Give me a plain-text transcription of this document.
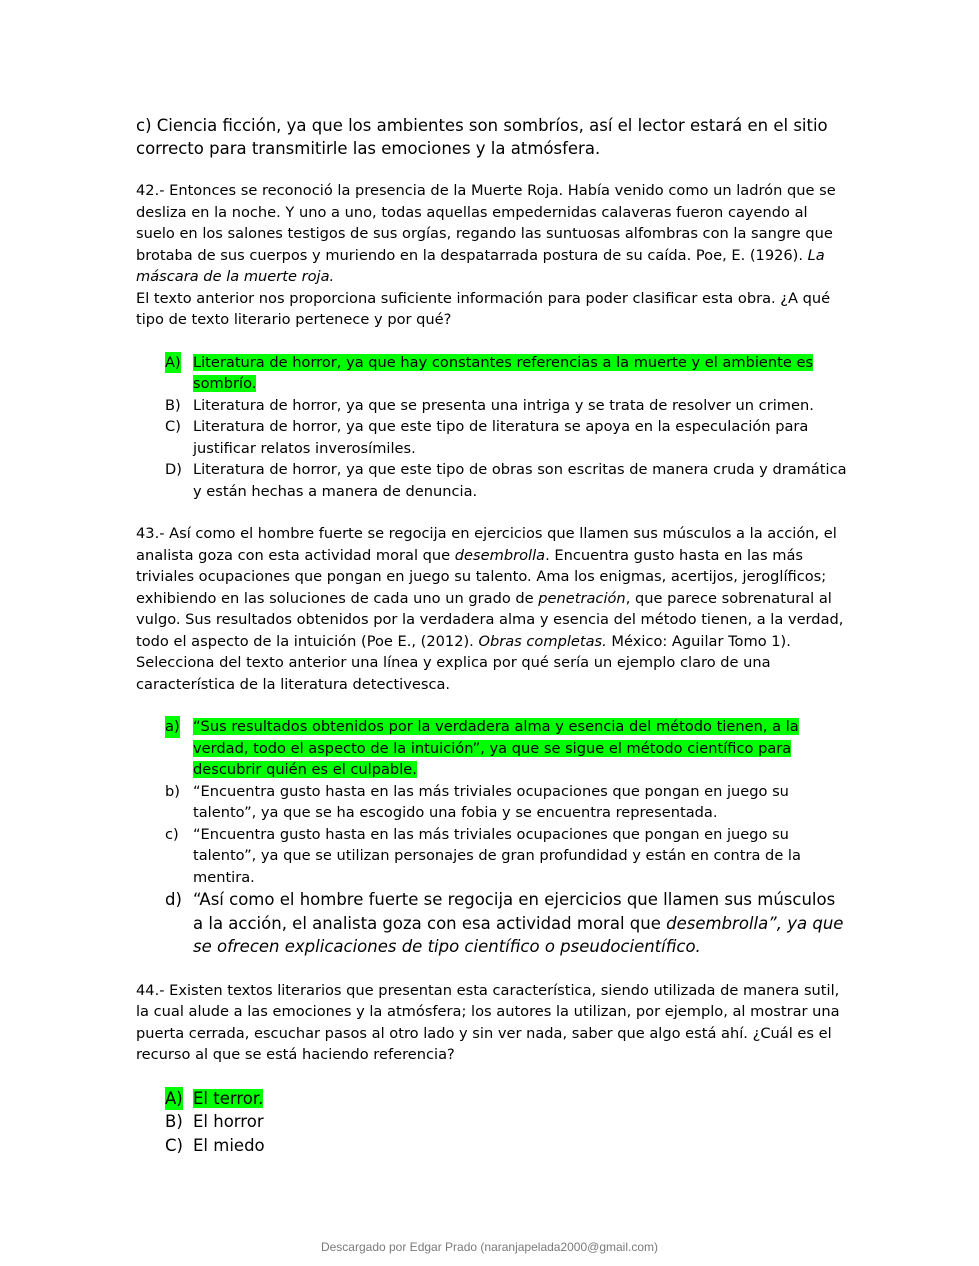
c) Ciencia ficción, ya que los ambientes son sombríos, así el lector estará en el sitio correcto para transmitirle las emociones y la atmósfera.
42.- Entonces se reconoció la presencia de la Muerte Roja. Había venido como un ladrón que se desliza en la noche. Y uno a uno, todas aquellas empedernidas calaveras fueron cayendo al suelo en los salones testigos de sus orgías, regando las suntuosas alfombras con la sangre que brotaba de sus cuerpos y muriendo en la despatarrada postura de su caída. Poe, E. (1926). La máscara de la muerte roja.
El texto anterior nos proporciona suficiente información para poder clasificar esta obra. ¿A qué tipo de texto literario pertenece y por qué?
A) Literatura de horror, ya que hay constantes referencias a la muerte y el ambiente es sombrío.
B) Literatura de horror, ya que se presenta una intriga y se trata de resolver un crimen.
C) Literatura de horror, ya que este tipo de literatura se apoya en la especulación para justificar relatos inverosímiles.
D) Literatura de horror, ya que este tipo de obras son escritas de manera cruda y dramática y están hechas a manera de denuncia.
43.- Así como el hombre fuerte se regocija en ejercicios que llamen sus músculos a la acción, el analista goza con esta actividad moral que desembrolla. Encuentra gusto hasta en las más triviales ocupaciones que pongan en juego su talento. Ama los enigmas, acertijos, jeroglíficos; exhibiendo en las soluciones de cada uno un grado de penetración, que parece sobrenatural al vulgo. Sus resultados obtenidos por la verdadera alma y esencia del método tienen, a la verdad, todo el aspecto de la intuición (Poe E., (2012). Obras completas. México: Aguilar Tomo 1).
Selecciona del texto anterior una línea y explica por qué sería un ejemplo claro de una característica de la literatura detectivesca.
a) “Sus resultados obtenidos por la verdadera alma y esencia del método tienen, a la verdad, todo el aspecto de la intuición”, ya que se sigue el método científico para descubrir quién es el culpable.
b) “Encuentra gusto hasta en las más triviales ocupaciones que pongan en juego su talento”, ya que se ha escogido una fobia y se encuentra representada.
c) “Encuentra gusto hasta en las más triviales ocupaciones que pongan en juego su talento”, ya que se utilizan personajes de gran profundidad y están en contra de la mentira.
d) “Así como el hombre fuerte se regocija en ejercicios que llamen sus músculos a la acción, el analista goza con esa actividad moral que desembrolla”, ya que se ofrecen explicaciones de tipo científico o pseudocientífico.
44.- Existen textos literarios que presentan esta característica, siendo utilizada de manera sutil, la cual alude a las emociones y la atmósfera; los autores la utilizan, por ejemplo, al mostrar una puerta cerrada, escuchar pasos al otro lado y sin ver nada, saber que algo está ahí. ¿Cuál es el recurso al que se está haciendo referencia?
A) El terror.
B) El horror
C) El miedo
Descargado por Edgar Prado (naranjapelada2000@gmail.com)
